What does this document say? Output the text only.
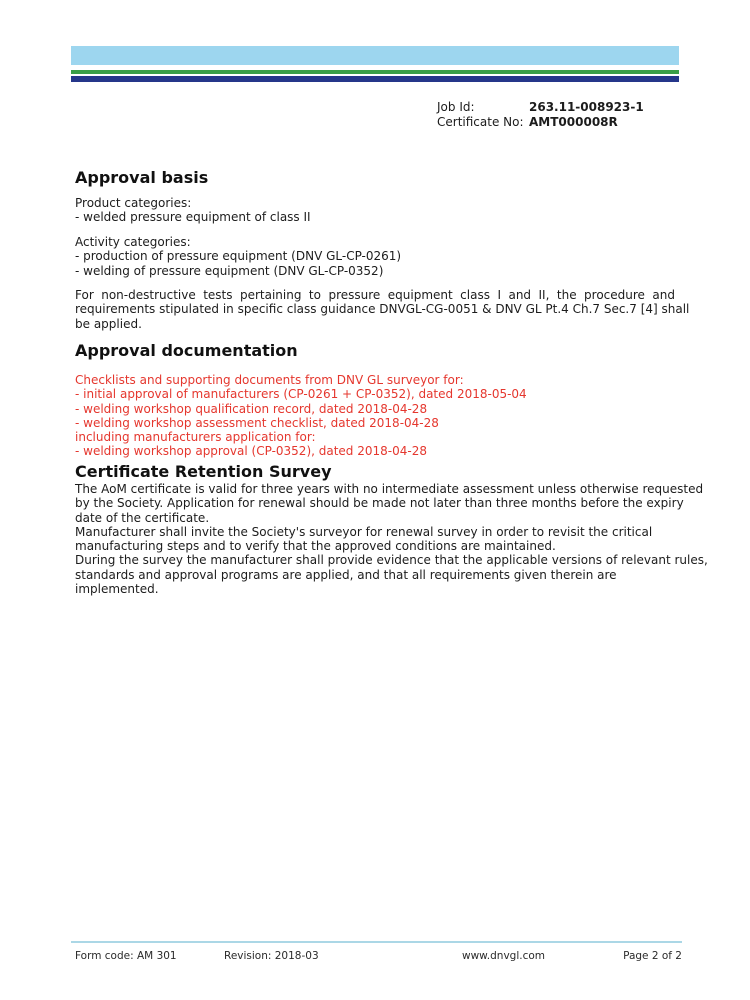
Job Id:	263.11-008923-1
Certificate No: AMT000008R
Approval basis
Product categories:
- welded pressure equipment of class II
Activity categories:
- production of pressure equipment (DNV GL-CP-0261)
- welding of pressure equipment (DNV GL-CP-0352)
For non-destructive tests pertaining to pressure equipment class I and II, the procedure and
requirements stipulated in specific class guidance DNVGL-CG-0051 & DNV GL Pt.4 Ch.7 Sec.7 [4] shall
be applied.
Approval documentation
Checklists and supporting documents from DNV GL surveyor for:
- initial approval of manufacturers (CP-0261 + CP-0352), dated 2018-05-04
- welding workshop qualification record, dated 2018-04-28
- welding workshop assessment checklist, dated 2018-04-28
including manufacturers application for:
- welding workshop approval (CP-0352), dated 2018-04-28
Certificate Retention Survey
The AoM certificate is valid for three years with no intermediate assessment unless otherwise requested
by the Society. Application for renewal should be made not later than three months before the expiry
date of the certificate.
Manufacturer shall invite the Society's surveyor for renewal survey in order to revisit the critical
manufacturing steps and to verify that the approved conditions are maintained.
During the survey the manufacturer shall provide evidence that the applicable versions of relevant rules,
standards and approval programs are applied, and that all requirements given therein are
implemented.
Form code: AM 301	Revision: 2018-03	www.dnvgl.com	Page 2 of 2
